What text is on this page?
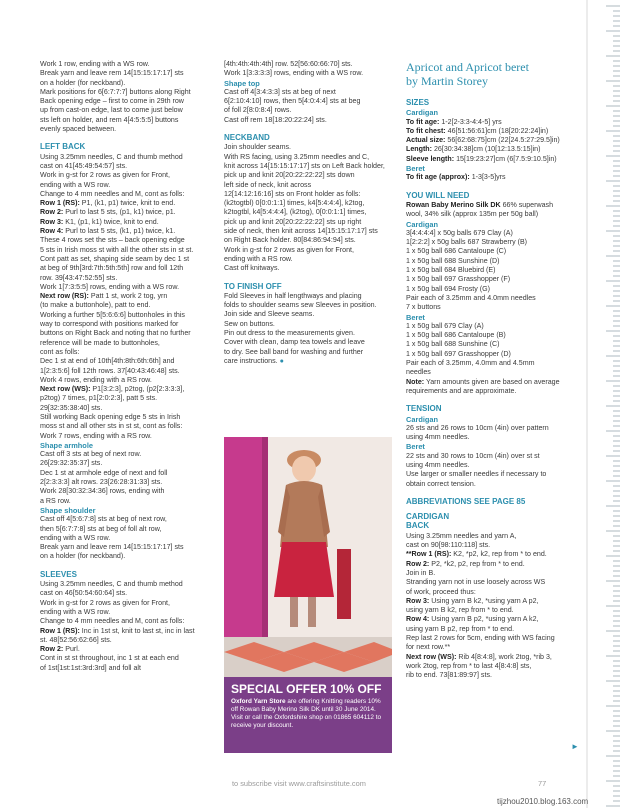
Work 1 row, ending with a WS row.
Break yarn and leave rem 14[15:15:17:17] sts
on a holder (for neckband).
Mark positions for 6[6:7:7:7] buttons along Right
Back opening edge – first to come in 29th row
up from cast-on edge, last to come just below
sts left on holder, and rem 4[4:5:5:5] buttons
evenly spaced between.

LEFT BACK

Using 3.25mm needles, C and thumb method
cast on 41[45:49:54:57] sts.
Work in g-st for 2 rows as given for Front,
ending with a WS row.
Change to 4 mm needles and M, cont as folls:

Row 1 (RS): P1, (k1, p1) twice, knit to end.

Row 2: Purl to last 5 sts, (p1, k1) twice, p1.

Row 3: K1, (p1, k1) twice, knit to end.

Row 4: Purl to last 5 sts, (k1, p1) twice, k1.

These 4 rows set the sts – back opening edge
5 sts in Irish moss st with all the other sts in st st.
Cont patt as set, shaping side seam by dec 1 st
at beg of 9th[3rd:7th:5th:5th] row and foll 12th
row. 39[43:47:52:55] sts.
Work 1[7:3:5:5] rows, ending with a WS row.

Next row (RS): Patt 1 st, work 2 tog, yrn
(to make a buttonhole), patt to end.

Working a further 5[5:6:6:6] buttonholes in this
way to correspond with positions marked for
buttons on Right Back and noting that no further
reference will be made to buttonholes,
cont as folls:
Dec 1 st at end of 10th[4th:8th:6th:6th] and
1[2:3:5:6] foll 12th rows. 37[40:43:46:48] sts.
Work 4 rows, ending with a RS row.

Next row (WS): P1[3:2:3], p2tog, (p2[2:3:3:3],
p2tog) 7 times, p1[2:0:2:3], patt 5 sts.
29[32:35:38:40] sts.
Still working Back opening edge 5 sts in Irish
moss st and all other sts in st st, cont as folls:
Work 7 rows, ending with a RS row.

Shape armhole

Cast off 3 sts at beg of next row.
26[29:32:35:37] sts.
Dec 1 st at armhole edge of next and foll
2[2:3:3:3] alt rows. 23[26:28:31:33] sts.
Work 28[30:32:34:36] rows, ending with
a RS row.

Shape shoulder

Cast off 4[5:6:7:8] sts at beg of next row,
then 5[6:7:7:8] sts at beg of foll alt row,
ending with a WS row.
Break yarn and leave rem 14[15:15:17:17] sts
on a holder (for neckband).

SLEEVES

Using 3.25mm needles, C and thumb method
cast on 46[50:54:60:64] sts.
Work in g-st for 2 rows as given for Front,
ending with a WS row.
Change to 4 mm needles and M, cont as folls:

Row 1 (RS): Inc in 1st st, knit to last st, inc in last
st. 48[52:56:62:66] sts.

Row 2: Purl.

Cont in st st throughout, inc 1 st at each end
of 1st[1st:1st:3rd:3rd] and foll alt

[4th:4th:4th:4th] row. 52[56:60:66:70] sts.
Work 1[3:3:3:3] rows, ending with a WS row.

Shape top

Cast off 4[3:4:3:3] sts at beg of next
6[2:10:4:10] rows, then 5[4:0:4:4] sts at beg
of foll 2[8:0:8:4] rows.
Cast off rem 18[18:20:22:24] sts.

NECKBAND

Join shoulder seams.
With RS facing, using 3.25mm needles and C,
knit across 14[15:15:17:17] sts on Left Back holder,
pick up and knit 20[20:22:22:22] sts down
left side of neck, knit across
12[14:12:16:16] sts on Front holder as folls:
(k2togtbl) 0[0:0:1:1] times, k4[5:4:4:4], k2tog,
k2togtbl, k4[5:4:4:4], (k2tog), 0[0:0:1:1] times,
pick up and knit 20[20:22:22:22] sts up right
side of neck, then knit across 14[15:15:17:17] sts
on Right Back holder. 80[84:86:94:94] sts.
Work in g-st for 2 rows as given for Front,
ending with a RS row.
Cast off knitways.

TO FINISH OFF

Fold Sleeves in half lengthways and placing
folds to shoulder seams sew Sleeves in position.
Join side and Sleeve seams.
Sew on buttons.
Pin out dress to the measurements given.
Cover with clean, damp tea towels and leave
to dry. See ball band for washing and further
care instructions. ●

SPECIAL OFFER 10% OFF

Oxford Yarn Store are offering Knitting readers 10% off Rowan Baby Merino Silk DK until 30 June 2014. Visit or call the Oxfordshire shop on 01865 604112 to receive your discount.

Apricot and Apricot beret

by Martin Storey

SIZES
Cardigan

To fit age: 1-2[2-3:3-4:4-5] yrs

To fit chest: 46[51:56:61]cm (18[20:22:24]in)

Actual size: 56[62:68:75]cm (22[24.5:27:29.5]in)

Length: 26[30:34:38]cm (10[12:13.5:15]in)

Sleeve length: 15[19:23:27]cm (6[7.5:9:10.5]in)

Beret

To fit age (approx): 1-3[3-5]yrs

YOU WILL NEED

Rowan Baby Merino Silk DK 66% superwash
wool, 34% silk (approx 135m per 50g ball)

Cardigan

3[4:4:4:4] x 50g balls 679 Clay (A)
1[2:2:2] x 50g balls 687 Strawberry (B)
1 x 50g ball 686 Cantaloupe (C)
1 x 50g ball 688 Sunshine (D)
1 x 50g ball 684 Bluebird (E)
1 x 50g ball 697 Grasshopper (F)
1 x 50g ball 694 Frosty (G)
Pair each of 3.25mm and 4.0mm needles
7 x buttons

Beret

1 x 50g ball 679 Clay (A)
1 x 50g ball 686 Cantaloupe (B)
1 x 50g ball 688 Sunshine (C)
1 x 50g ball 697 Grasshopper (D)
Pair each of 3.25mm, 4.0mm and 4.5mm
needles

Note: Yarn amounts given are based on average
requirements and are approximate.

TENSION
Cardigan

26 sts and 26 rows to 10cm (4in) over pattern
using 4mm needles.

Beret

22 sts and 30 rows to 10cm (4in) over st st
using 4mm needles.
Use larger or smaller needles if necessary to
obtain correct tension.

ABBREVIATIONS SEE PAGE 85
CARDIGAN
BACK

Using 3.25mm needles and yarn A,
cast on 90[98:110:118] sts.

**Row 1 (RS): K2, *p2, k2, rep from * to end.

Row 2: P2, *k2, p2, rep from * to end.

Join in B.
Stranding yarn not in use loosely across WS
of work, proceed thus:

Row 3: Using yarn B k2, *using yarn A p2,
using yarn B k2, rep from * to end.

Row 4: Using yarn B p2, *using yarn A k2,
using yarn B p2, rep from * to end.

Rep last 2 rows for 5cm, ending with WS facing
for next row.**

Next row (WS): Rib 4[8:4:8], work 2tog, *rib 3,
work 2tog, rep from * to last 4[8:4:8] sts,
rib to end. 73[81:89:97] sts.

►
to subscribe visit www.craftsinstitute.com	77
tijzhou2010.blog.163.com
